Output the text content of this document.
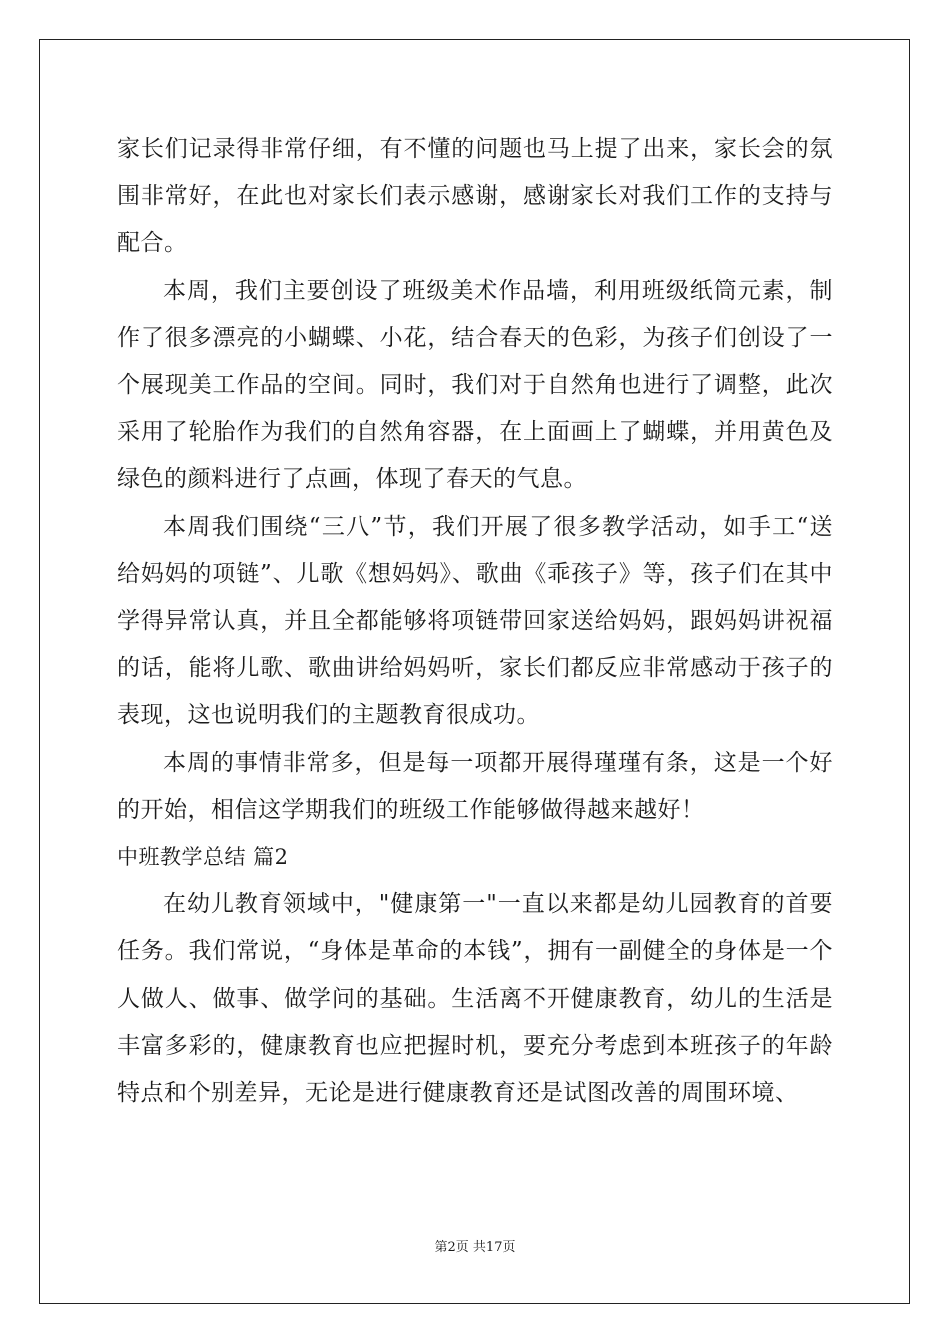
家长们记录得非常仔细，有不懂的问题也马上提了出来，家长会的氛围非常好，在此也对家长们表示感谢，感谢家长对我们工作的支持与配合。

本周，我们主要创设了班级美术作品墙，利用班级纸筒元素，制作了很多漂亮的小蝴蝶、小花，结合春天的色彩，为孩子们创设了一个展现美工作品的空间。同时，我们对于自然角也进行了调整，此次采用了轮胎作为我们的自然角容器，在上面画上了蝴蝶，并用黄色及绿色的颜料进行了点画，体现了春天的气息。

本周我们围绕“三八”节，我们开展了很多教学活动，如手工“送给妈妈的项链”、儿歌《想妈妈》、歌曲《乖孩子》等，孩子们在其中学得异常认真，并且全都能够将项链带回家送给妈妈，跟妈妈讲祝福的话，能将儿歌、歌曲讲给妈妈听，家长们都反应非常感动于孩子的表现，这也说明我们的主题教育很成功。

本周的事情非常多，但是每一项都开展得瑾瑾有条，这是一个好的开始，相信这学期我们的班级工作能够做得越来越好！

中班教学总结 篇2

在幼儿教育领域中，"健康第一"一直以来都是幼儿园教育的首要任务。我们常说，“身体是革命的本钱”，拥有一副健全的身体是一个人做人、做事、做学问的基础。生活离不开健康教育，幼儿的生活是丰富多彩的，健康教育也应把握时机，要充分考虑到本班孩子的年龄特点和个别差异，无论是进行健康教育还是试图改善的周围环境、

第2页 共17页
